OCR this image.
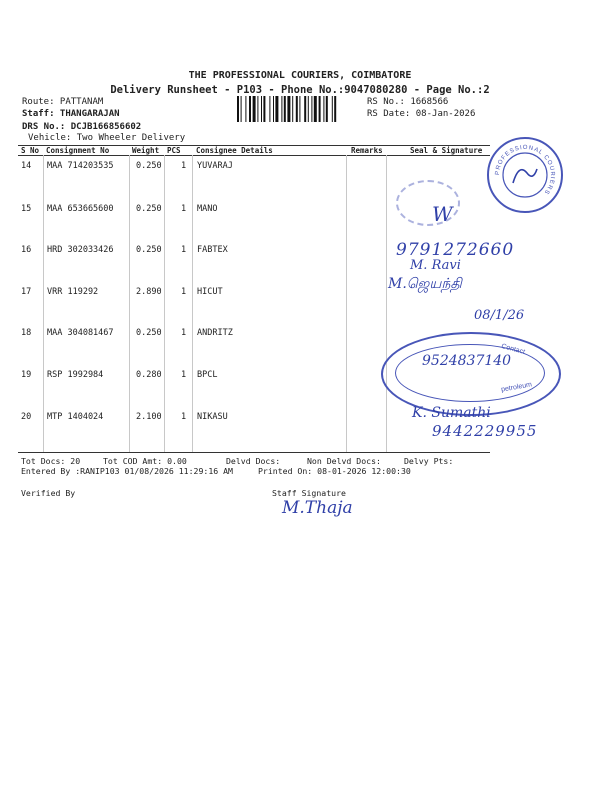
THE PROFESSIONAL COURIERS, COIMBATORE
Delivery Runsheet - P103 - Phone No.:9047080280 - Page No.:2
Route: PATTANAM
Staff: THANGARAJAN
DRS No.: DCJB166856602
Vehicle: Two Wheeler Delivery
RS No.: 1668566
RS Date: 08-Jan-2026
S No Consignment No	Weight PCS Consignee Details	Remarks	Seal & Signature
14 MAA 714203535	0.250 1 YUVARAJ
15 MAA 653665600	0.250 1 MANO
16 HRD 302033426	0.250 1 FABTEX
17 VRR 119292	2.890 1 HICUT
18 MAA 304081467	0.250 1 ANDRITZ
19 RSP 1992984	0.280 1 BPCL
20 MTP 1404024	2.100 1 NIKASU
Tot Docs: 20	Tot COD Amt: 0.00	Delvd Docs:	Non Delvd Docs:	Delvy Pts:
Entered By :RANIP103 01/08/2026 11:29:16 AM	Printed On: 08-01-2026 12:00:30
Verified By	Staff Signature
PROFESSIONAL COURIERS
Contact
petroleum
W
9791272660
M. Ravi
M.ஜெயந்தி
08/1/26
9524837140
K. Sumathi
9442229955
M.Thaja
